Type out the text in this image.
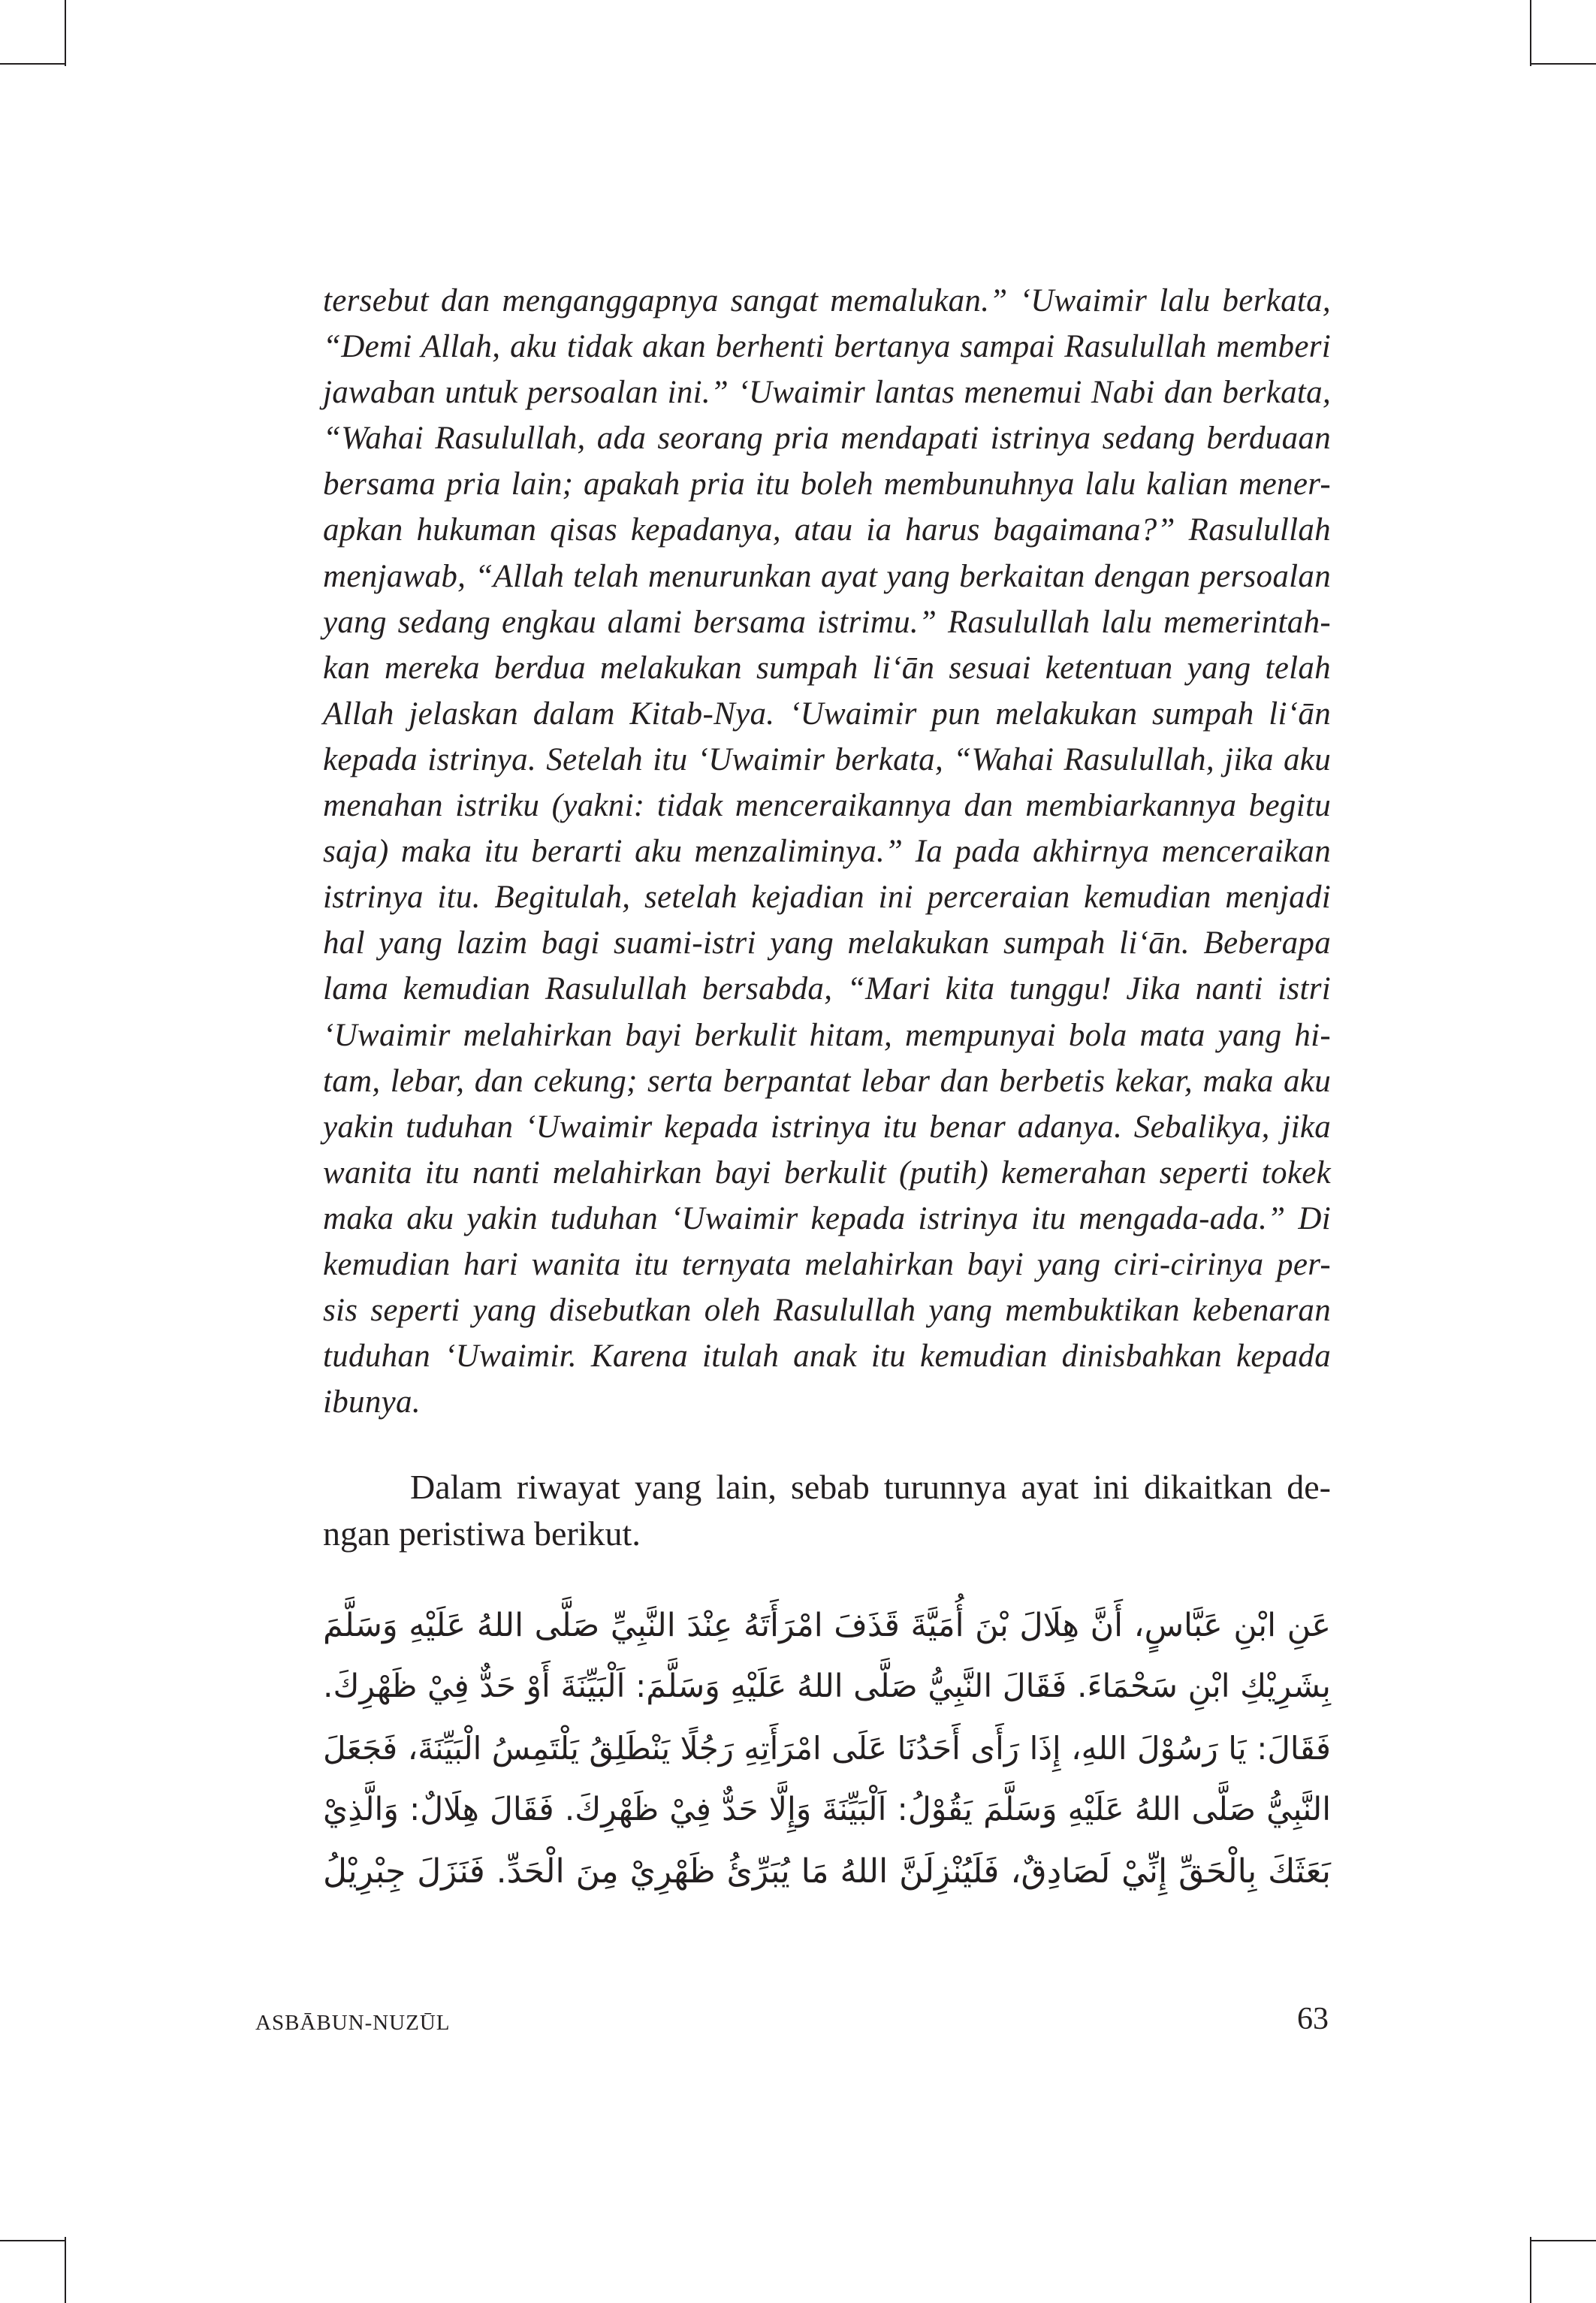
tersebut dan menganggapnya sangat memalukan.” ‘Uwaimir lalu berkata,
“Demi Allah, aku tidak akan berhenti bertanya sampai Rasulullah memberi
jawaban untuk persoalan ini.” ‘Uwaimir lantas menemui Nabi dan berkata,
“Wahai Rasulullah, ada seorang pria mendapati istrinya sedang berduaan
bersama pria lain; apakah pria itu boleh membunuhnya lalu kalian mener-
apkan hukuman qisas kepadanya, atau ia harus bagaimana?” Rasulullah
menjawab, “Allah telah menurunkan ayat yang berkaitan dengan persoalan
yang sedang engkau alami bersama istrimu.” Rasulullah lalu memerintah-
kan mereka berdua melakukan sumpah li‘ān sesuai ketentuan yang telah
Allah jelaskan dalam Kitab-Nya. ‘Uwaimir pun melakukan sumpah li‘ān
kepada istrinya. Setelah itu ‘Uwaimir berkata, “Wahai Rasulullah, jika aku
menahan istriku (yakni: tidak menceraikannya dan membiarkannya begitu
saja) maka itu berarti aku menzaliminya.” Ia pada akhirnya menceraikan
istrinya itu. Begitulah, setelah kejadian ini perceraian kemudian menjadi
hal yang lazim bagi suami-istri yang melakukan sumpah li‘ān. Beberapa
lama kemudian Rasulullah bersabda, “Mari kita tunggu! Jika nanti istri
‘Uwaimir melahirkan bayi berkulit hitam, mempunyai bola mata yang hi-
tam, lebar, dan cekung; serta berpantat lebar dan berbetis kekar, maka aku
yakin tuduhan ‘Uwaimir kepada istrinya itu benar adanya. Sebalikya, jika
wanita itu nanti melahirkan bayi berkulit (putih) kemerahan seperti tokek
maka aku yakin tuduhan ‘Uwaimir kepada istrinya itu mengada-ada.” Di
kemudian hari wanita itu ternyata melahirkan bayi yang ciri-cirinya per-
sis seperti yang disebutkan oleh Rasulullah yang membuktikan kebenaran
tuduhan ‘Uwaimir. Karena itulah anak itu kemudian dinisbahkan kepada
ibunya.

Dalam riwayat yang lain, sebab turunnya ayat ini dikaitkan de-
ngan peristiwa berikut.

عَنِ ابْنِ عَبَّاسٍ، أَنَّ هِلَالَ بْنَ أُمَيَّةَ قَذَفَ امْرَأَتَهُ عِنْدَ النَّبِيِّ صَلَّى اللهُ عَلَيْهِ وَسَلَّمَ
بِشَرِيْكِ ابْنِ سَحْمَاءَ. فَقَالَ النَّبِيُّ صَلَّى اللهُ عَلَيْهِ وَسَلَّمَ: اَلْبَيِّنَةَ أَوْ حَدٌّ فِيْ ظَهْرِكَ.
فَقَالَ: يَا رَسُوْلَ اللهِ، إِذَا رَأَى أَحَدُنَا عَلَى امْرَأَتِهِ رَجُلًا يَنْطَلِقُ يَلْتَمِسُ الْبَيِّنَةَ، فَجَعَلَ
النَّبِيُّ صَلَّى اللهُ عَلَيْهِ وَسَلَّمَ يَقُوْلُ: اَلْبَيِّنَةَ وَإِلَّا حَدٌّ فِيْ ظَهْرِكَ. فَقَالَ هِلَالٌ: وَالَّذِيْ
بَعَثَكَ بِالْحَقِّ إِنِّيْ لَصَادِقٌ، فَلَيُنْزِلَنَّ اللهُ مَا يُبَرِّئُ ظَهْرِيْ مِنَ الْحَدِّ. فَنَزَلَ جِبْرِيْلُ

ASBĀBUN-NUZŪL	63
